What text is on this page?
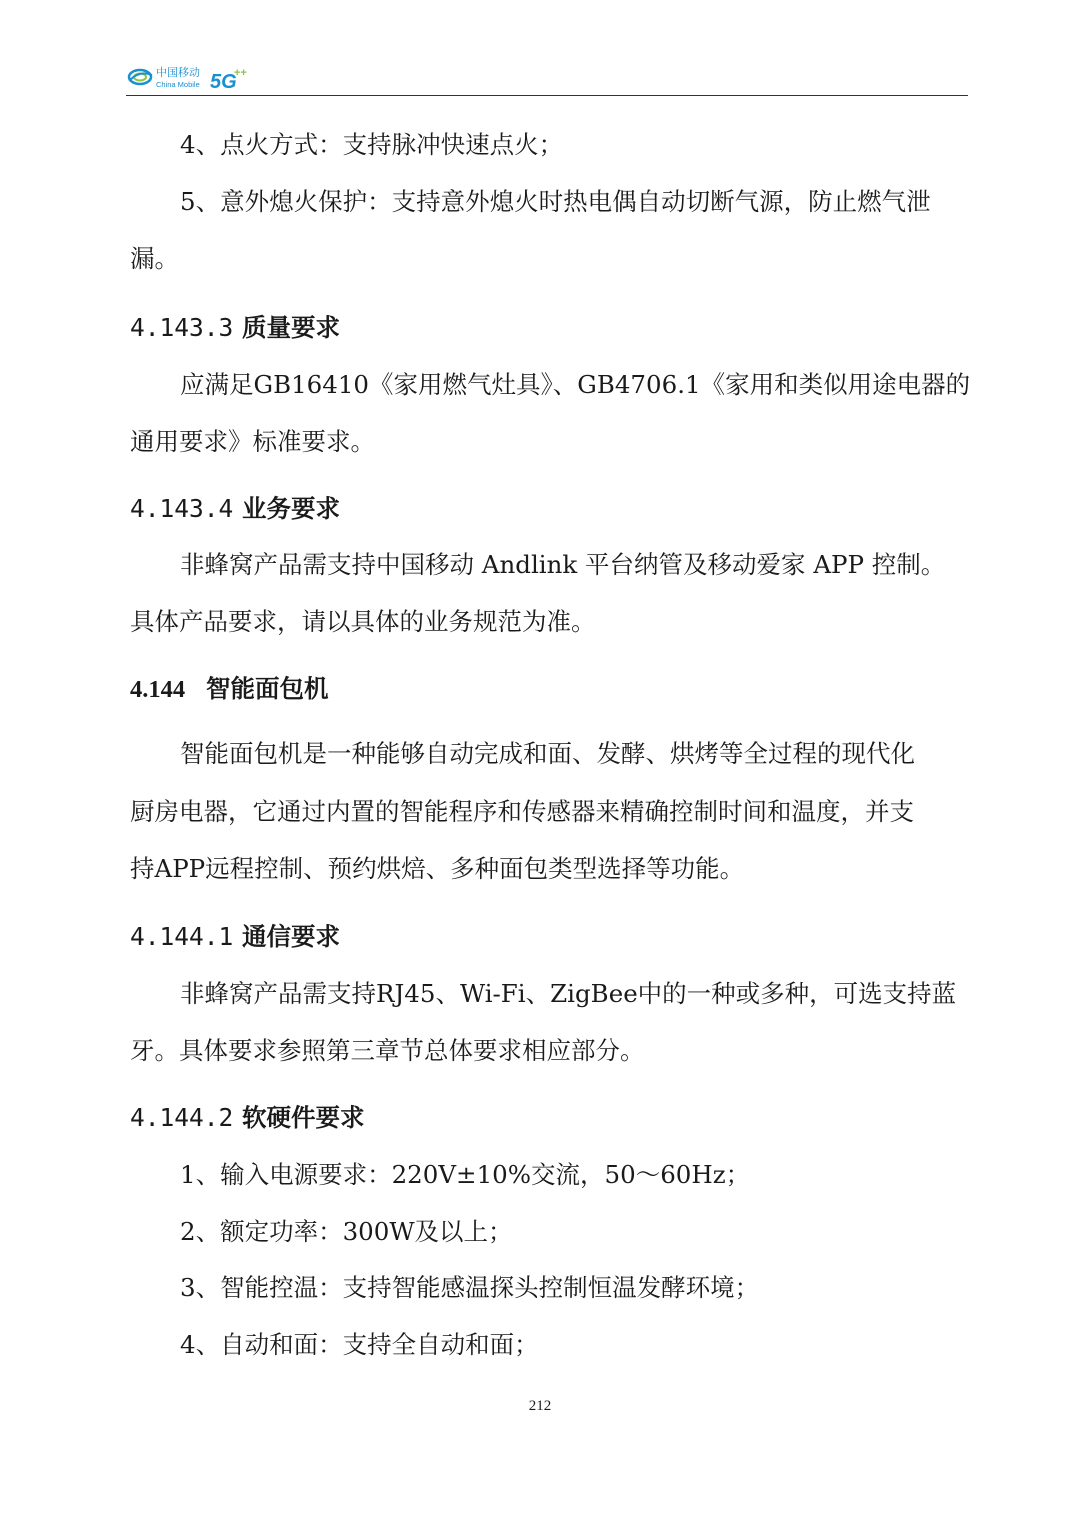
中国移动
China Mobile 5G
++

4、点火方式：支持脉冲快速点火；

5、意外熄火保护：支持意外熄火时热电偶自动切断气源，防止燃气泄

漏。

4.143.3 质量要求

应满足GB16410《家用燃气灶具》、GB4706.1《家用和类似用途电器的

通用要求》标准要求。

4.143.4 业务要求

非蜂窝产品需支持中国移动 Andlink 平台纳管及移动爱家 APP 控制。

具体产品要求，请以具体的业务规范为准。

4.144 智能面包机

智能面包机是一种能够自动完成和面、发酵、烘烤等全过程的现代化

厨房电器，它通过内置的智能程序和传感器来精确控制时间和温度，并支

持APP远程控制、预约烘焙、多种面包类型选择等功能。

4.144.1 通信要求

非蜂窝产品需支持RJ45、Wi-Fi、ZigBee中的一种或多种，可选支持蓝

牙。具体要求参照第三章节总体要求相应部分。

4.144.2 软硬件要求

1、输入电源要求：220V±10%交流，50～60Hz；

2、额定功率：300W及以上；

3、智能控温：支持智能感温探头控制恒温发酵环境；

4、自动和面：支持全自动和面；

212
